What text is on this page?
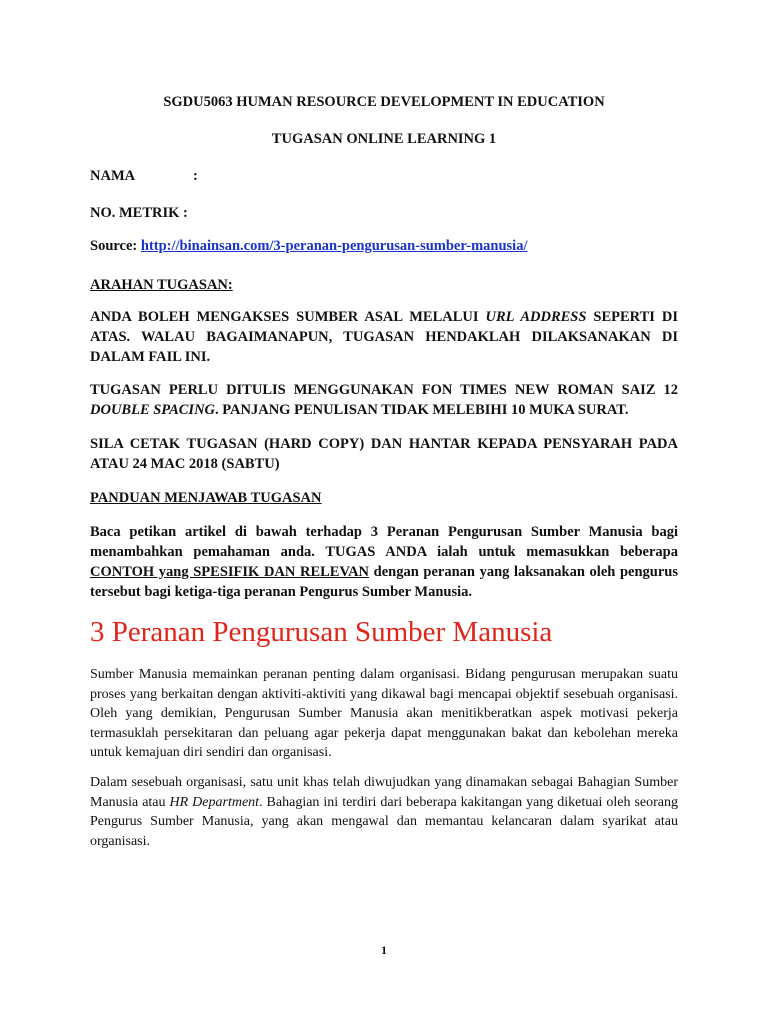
SGDU5063 HUMAN RESOURCE DEVELOPMENT IN EDUCATION
TUGASAN ONLINE LEARNING 1
NAMA	:
NO. METRIK :
Source: http://binainsan.com/3-peranan-pengurusan-sumber-manusia/
ARAHAN TUGASAN:
ANDA BOLEH MENGAKSES SUMBER ASAL MELALUI URL ADDRESS SEPERTI DI ATAS. WALAU BAGAIMANAPUN, TUGASAN HENDAKLAH DILAKSANAKAN DI DALAM FAIL INI.
TUGASAN PERLU DITULIS MENGGUNAKAN FON TIMES NEW ROMAN SAIZ 12 DOUBLE SPACING. PANJANG PENULISAN TIDAK MELEBIHI 10 MUKA SURAT.
SILA CETAK TUGASAN (HARD COPY) DAN HANTAR KEPADA PENSYARAH PADA ATAU 24 MAC 2018 (SABTU)
PANDUAN MENJAWAB TUGASAN
Baca petikan artikel di bawah terhadap 3 Peranan Pengurusan Sumber Manusia bagi menambahkan pemahaman anda. TUGAS ANDA ialah untuk memasukkan beberapa CONTOH yang SPESIFIK DAN RELEVAN dengan peranan yang laksanakan oleh pengurus tersebut bagi ketiga-tiga peranan Pengurus Sumber Manusia.
3 Peranan Pengurusan Sumber Manusia
Sumber Manusia memainkan peranan penting dalam organisasi. Bidang pengurusan merupakan suatu proses yang berkaitan dengan aktiviti-aktiviti yang dikawal bagi mencapai objektif sesebuah organisasi. Oleh yang demikian, Pengurusan Sumber Manusia akan menitikberatkan aspek motivasi pekerja termasuklah persekitaran dan peluang agar pekerja dapat menggunakan bakat dan kebolehan mereka untuk kemajuan diri sendiri dan organisasi.
Dalam sesebuah organisasi, satu unit khas telah diwujudkan yang dinamakan sebagai Bahagian Sumber Manusia atau HR Department. Bahagian ini terdiri dari beberapa kakitangan yang diketuai oleh seorang Pengurus Sumber Manusia, yang akan mengawal dan memantau kelancaran dalam syarikat atau organisasi.
1
